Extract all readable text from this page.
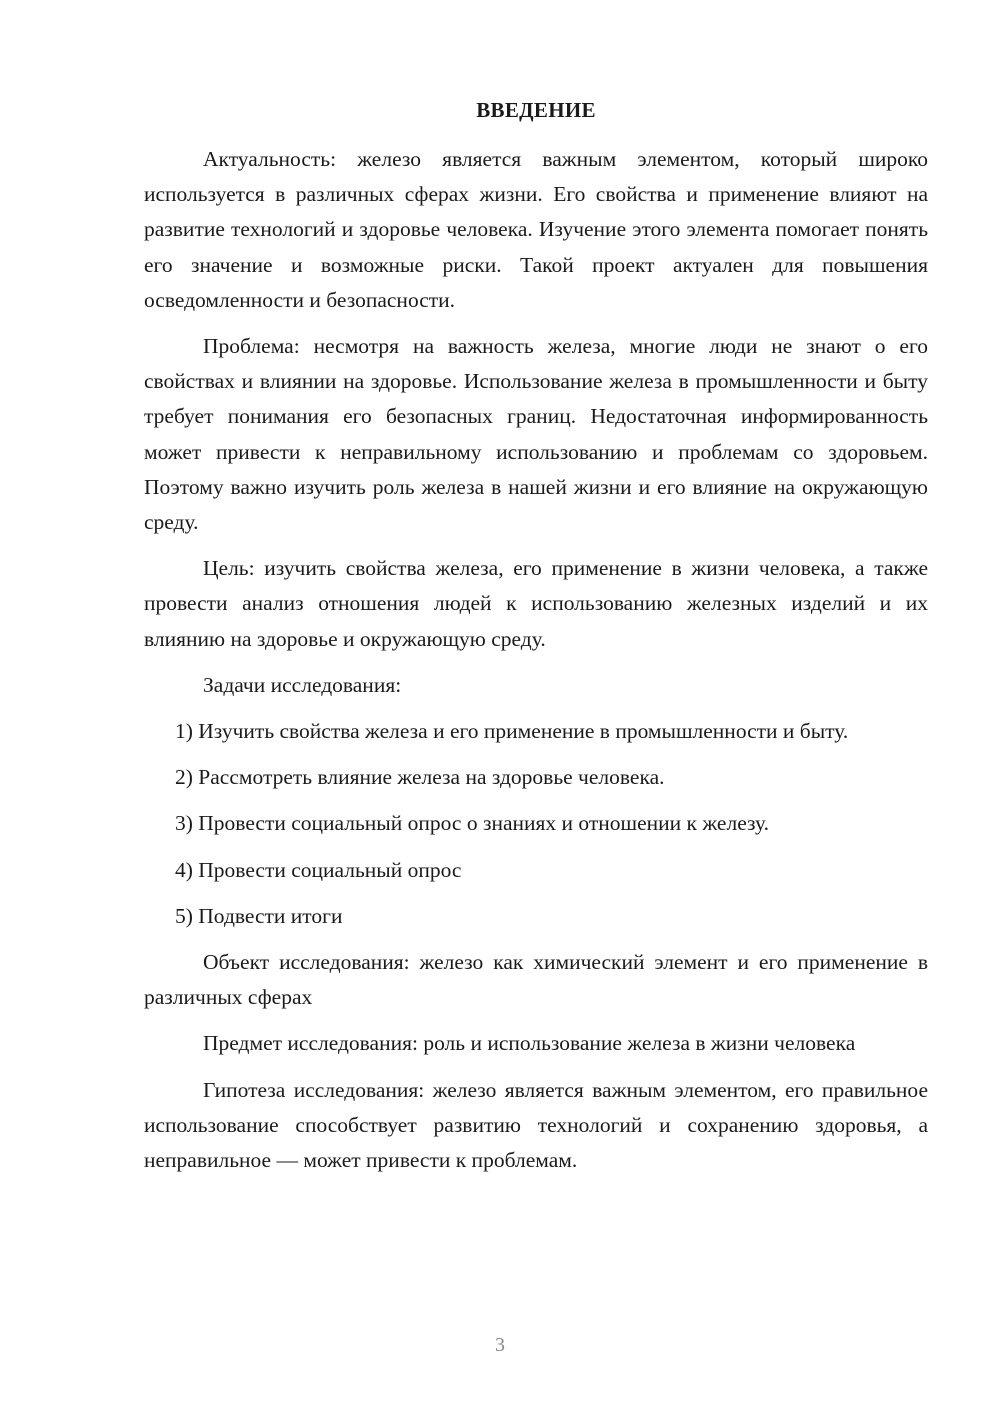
ВВЕДЕНИЕ

Актуальность: железо является важным элементом, который широко используется в различных сферах жизни. Его свойства и применение влияют на развитие технологий и здоровье человека. Изучение этого элемента помогает понять его значение и возможные риски. Такой проект актуален для повышения осведомленности и безопасности.

Проблема: несмотря на важность железа, многие люди не знают о его свойствах и влиянии на здоровье. Использование железа в промышленности и быту требует понимания его безопасных границ. Недостаточная информированность может привести к неправильному использованию и проблемам со здоровьем. Поэтому важно изучить роль железа в нашей жизни и его влияние на окружающую среду.

Цель: изучить свойства железа, его применение в жизни человека, а также провести анализ отношения людей к использованию железных изделий и их влиянию на здоровье и окружающую среду.

Задачи исследования:

1) Изучить свойства железа и его применение в промышленности и быту.

2) Рассмотреть влияние железа на здоровье человека.

3) Провести социальный опрос о знаниях и отношении к железу.

4) Провести социальный опрос

5) Подвести итоги

Объект исследования: железо как химический элемент и его применение в различных сферах

Предмет исследования: роль и использование железа в жизни человека

Гипотеза исследования: железо является важным элементом, его правильное использование способствует развитию технологий и сохранению здоровья, а неправильное — может привести к проблемам.

3
